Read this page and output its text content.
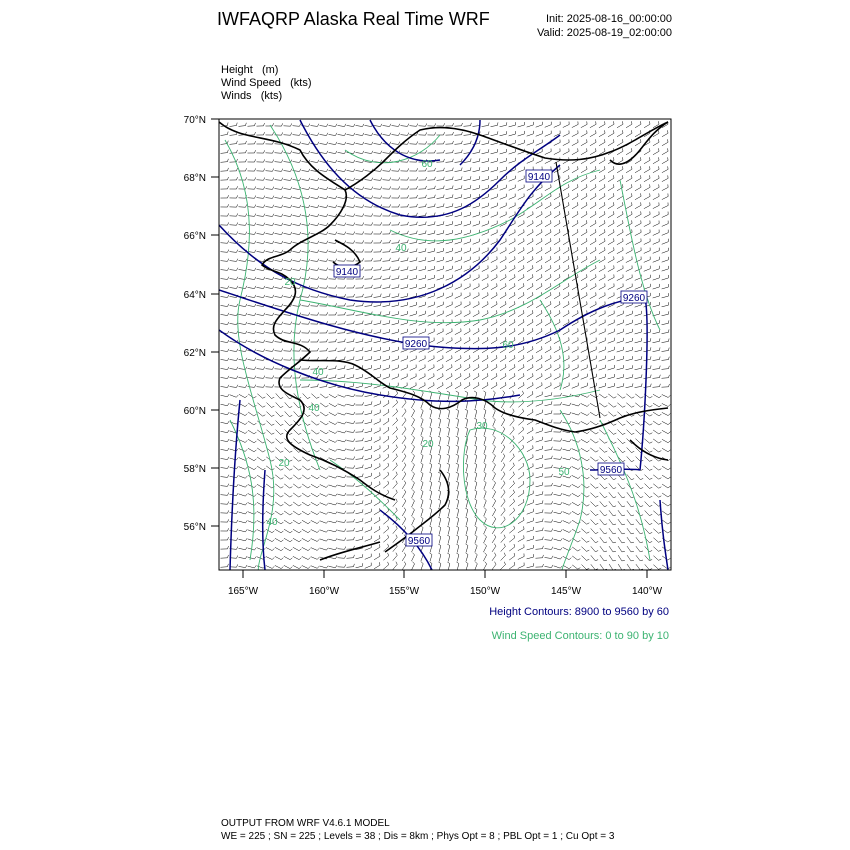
IWFAQRP Alaska Real Time WRF	Init: 2025-08-16_00:00:00
Valid: 2025-08-19_02:00:00
Height   (m)
Wind Speed   (kts)
Winds   (kts)
9140
9140
9260
9260
9560
9560
60
40
20
60
40
40
20
20
30
50
40
70°N
68°N
66°N
64°N
62°N
60°N
58°N
56°N
165°W	160°W	155°W	150°W	145°W	140°W
Height Contours: 8900 to 9560 by 60
Wind Speed Contours: 0 to 90 by 10
OUTPUT FROM WRF V4.6.1 MODEL
WE = 225 ; SN = 225 ; Levels = 38 ; Dis = 8km ; Phys Opt = 8 ; PBL Opt = 1 ; Cu Opt = 3
